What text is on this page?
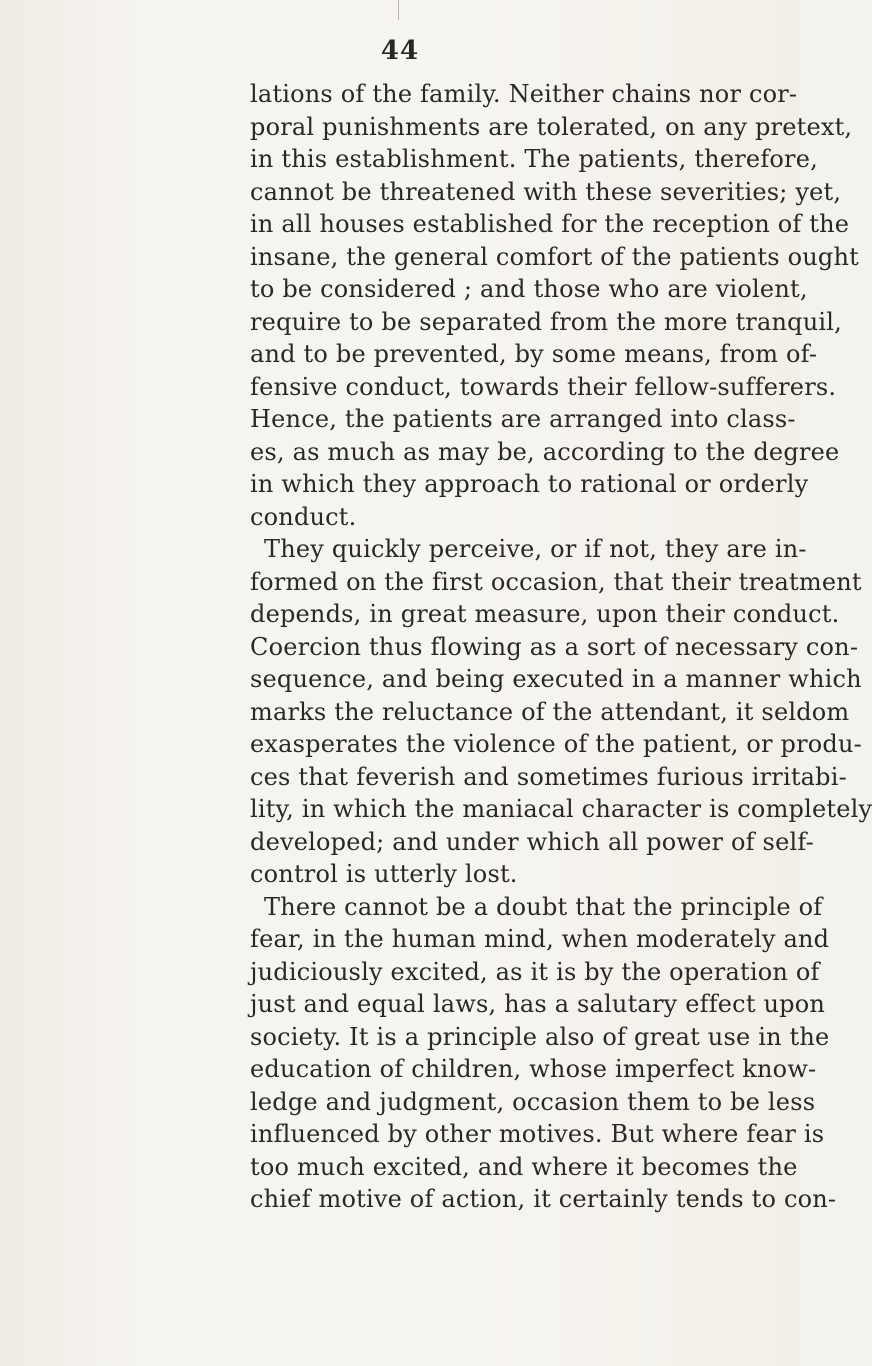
44
lations of the family. Neither chains nor cor-
poral punishments are tolerated, on any pretext,
in this establishment. The patients, therefore,
cannot be threatened with these severities; yet,
in all houses established for the reception of the
insane, the general comfort of the patients ought
to be considered ; and those who are violent,
require to be separated from the more tranquil,
and to be prevented, by some means, from of-
fensive conduct, towards their fellow-sufferers.
Hence, the patients are arranged into class-
es, as much as may be, according to the degree
in which they approach to rational or orderly
conduct.
They quickly perceive, or if not, they are in-
formed on the first occasion, that their treatment
depends, in great measure, upon their conduct.
Coercion thus flowing as a sort of necessary con-
sequence, and being executed in a manner which
marks the reluctance of the attendant, it seldom
exasperates the violence of the patient, or produ-
ces that feverish and sometimes furious irritabi-
lity, in which the maniacal character is completely
developed; and under which all power of self-
control is utterly lost.
There cannot be a doubt that the principle of
fear, in the human mind, when moderately and
judiciously excited, as it is by the operation of
just and equal laws, has a salutary effect upon
society. It is a principle also of great use in the
education of children, whose imperfect know-
ledge and judgment, occasion them to be less
influenced by other motives. But where fear is
too much excited, and where it becomes the
chief motive of action, it certainly tends to con-
